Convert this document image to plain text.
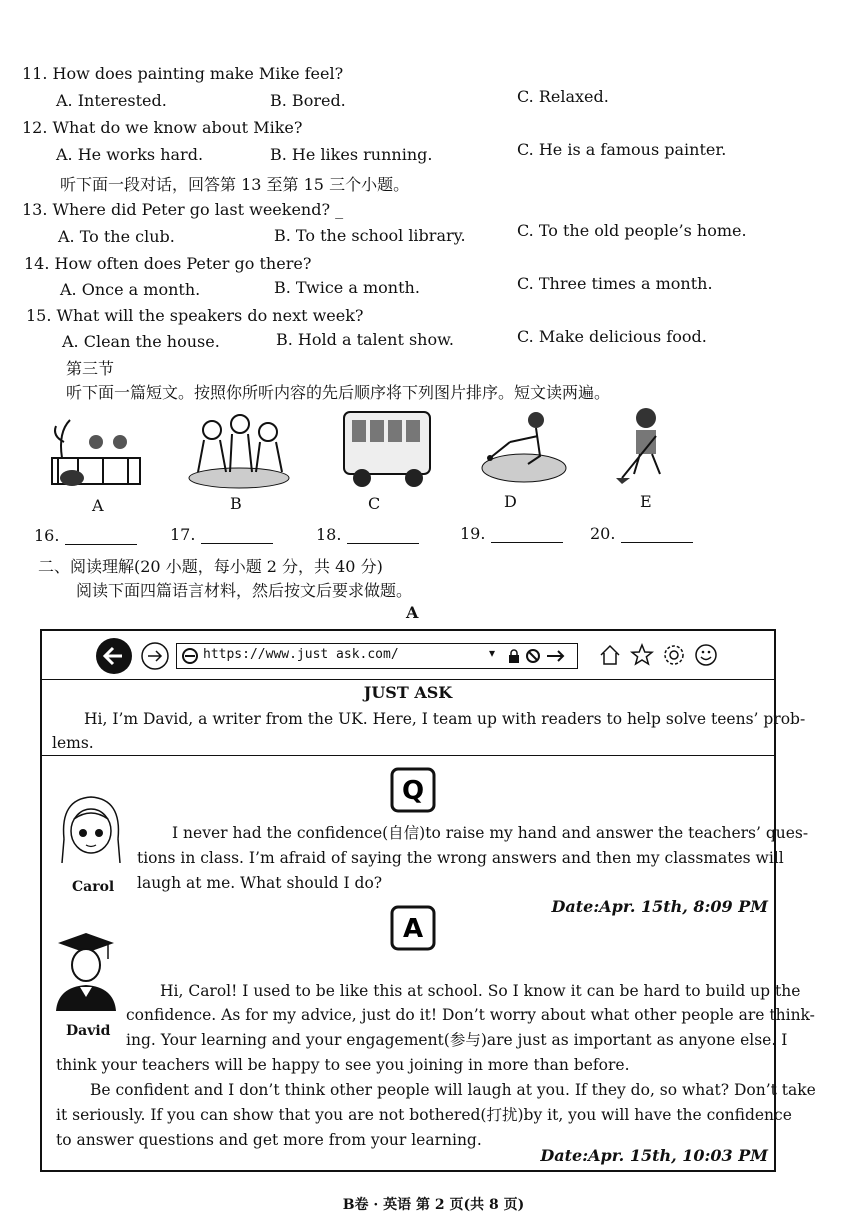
11. How does painting make Mike feel?
A. Interested.	B. Bored.	C. Relaxed.
12. What do we know about Mike?
A. He works hard.	B. He likes running.	C. He is a famous painter.
听下面一段对话，回答第 13 至第 15 三个小题。
13. Where did Peter go last weekend? _
A. To the club.	B. To the school library.	C. To the old people’s home.
14. How often does Peter go there?
A. Once a month.	B. Twice a month.	C. Three times a month.
15. What will the speakers do next week?
A. Clean the house.	B. Hold a talent show.	C. Make delicious food.
第三节
听下面一篇短文。按照你所听内容的先后顺序将下列图片排序。短文读两遍。
A	B	C	D	E
16.	17.	18.	19.	20.
二、阅读理解(20 小题，每小题 2 分，共 40 分)
阅读下面四篇语言材料，然后按文后要求做题。
A
https://www.just ask.com/	▾
JUST ASK
Hi, I’m David, a writer from the UK. Here, I team up with readers to help solve teens’ prob-
lems.
Q
Carol
I never had the confidence(自信)to raise my hand and answer the teachers’ ques-
tions in class. I’m afraid of saying the wrong answers and then my classmates will
laugh at me. What should I do?
Date:Apr. 15th, 8:09 PM
A
David
Hi, Carol! I used to be like this at school. So I know it can be hard to build up the
confidence. As for my advice, just do it! Don’t worry about what other people are think-
ing. Your learning and your engagement(参与)are just as important as anyone else. I
think your teachers will be happy to see you joining in more than before.
Be confident and I don’t think other people will laugh at you. If they do, so what? Don’t take
it seriously. If you can show that you are not bothered(打扰)by it, you will have the confidence
to answer questions and get more from your learning.
Date:Apr. 15th, 10:03 PM
B卷 · 英语 第 2 页(共 8 页)
